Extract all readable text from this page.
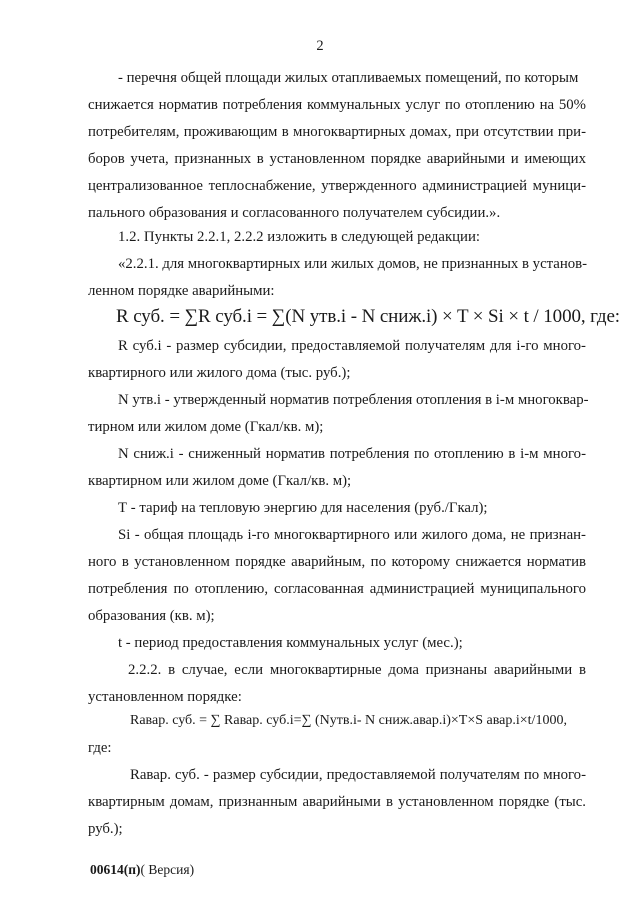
2
- перечня общей площади жилых отапливаемых помещений, по которым
снижается норматив потребления коммунальных услуг по отоплению на 50%
потребителям, проживающим в многоквартирных домах, при отсутствии при-
боров учета, признанных в установленном порядке аварийными и имеющих
централизованное теплоснабжение, утвержденного администрацией муници-
пального образования и согласованного получателем субсидии.».
1.2. Пункты 2.2.1, 2.2.2 изложить в следующей редакции:
«2.2.1. для многоквартирных или жилых домов, не признанных в установ-
ленном порядке аварийными:
R суб. = ∑R суб.i = ∑(N утв.i - N сниж.i) × T × Si × t / 1000, где:
R суб.i - размер субсидии, предоставляемой получателям для i-го много-
квартирного или жилого дома (тыс. руб.);
N утв.i - утвержденный норматив потребления отопления в i-м многоквар-
тирном или жилом доме (Гкал/кв. м);
N сниж.i - сниженный норматив потребления по отоплению в i-м много-
квартирном или жилом доме (Гкал/кв. м);
Т - тариф на тепловую энергию для населения (руб./Гкал);
Si - общая площадь i-го многоквартирного или жилого дома, не признан-
ного в установленном порядке аварийным, по которому снижается норматив
потребления по отоплению, согласованная администрацией муниципального
образования (кв. м);
t - период предоставления коммунальных услуг (мес.);
2.2.2. в случае, если многоквартирные дома признаны аварийными в
установленном порядке:
Rавар. суб. = ∑ Rавар. суб.i=∑ (Nутв.i- N сниж.авар.i)×T×S авар.i×t/1000,
где:
Rавар. суб. - размер субсидии, предоставляемой получателям по много-
квартирным домам, признанным аварийными в установленном порядке (тыс.
руб.);
00614(п)( Версия)
